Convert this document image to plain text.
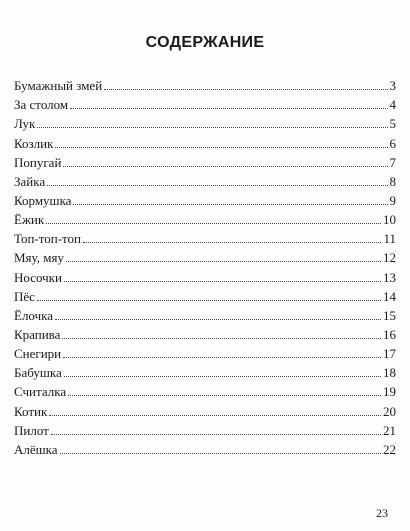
СОДЕРЖАНИЕ
Бумажный змей	3
За столом	4
Лук	5
Козлик	6
Попугай	7
Зайка	8
Кормушка	9
Ёжик	10
Топ-топ-топ	11
Мяу, мяу	12
Носочки	13
Пёс	14
Ёлочка	15
Крапива	16
Снегири	17
Бабушка	18
Считалка	19
Котик	20
Пилот	21
Алёшка	22
23
